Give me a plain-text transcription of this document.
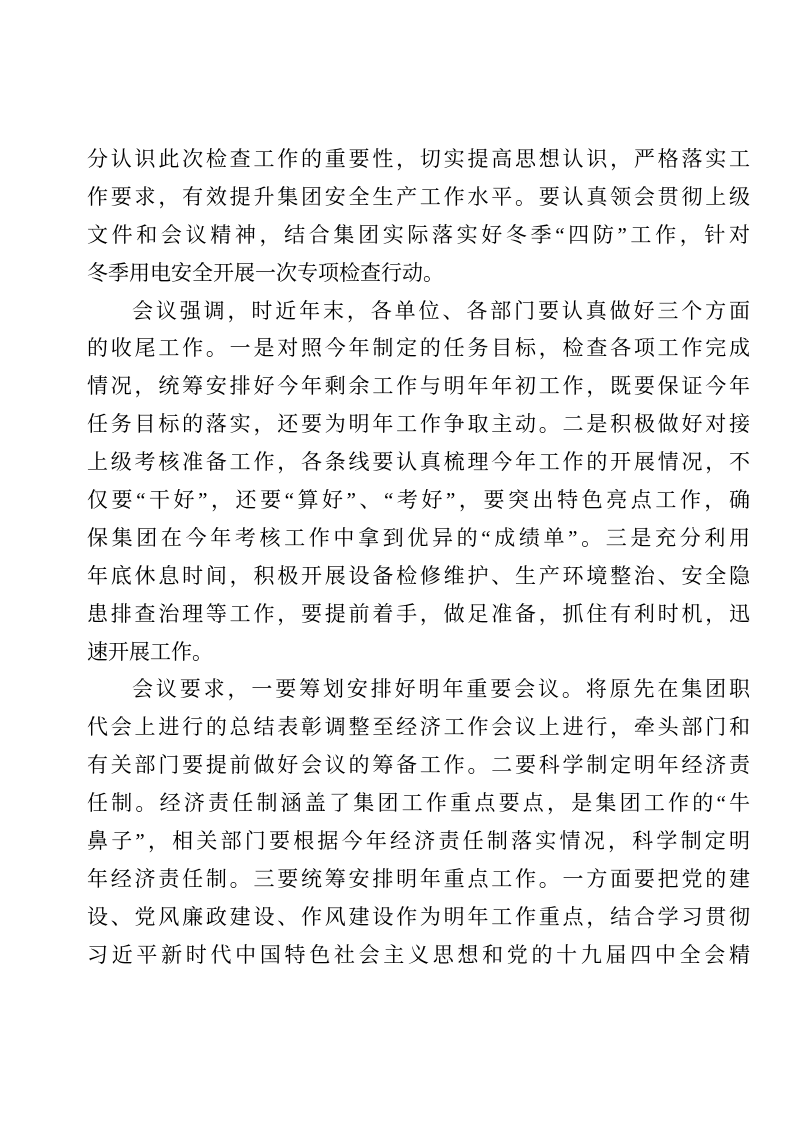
分认识此次检查工作的重要性，切实提高思想认识，严格落实工
作要求，有效提升集团安全生产工作水平。要认真领会贯彻上级
文件和会议精神，结合集团实际落实好冬季“四防”工作，针对
冬季用电安全开展一次专项检查行动。
会议强调，时近年末，各单位、各部门要认真做好三个方面
的收尾工作。一是对照今年制定的任务目标，检查各项工作完成
情况，统筹安排好今年剩余工作与明年年初工作，既要保证今年
任务目标的落实，还要为明年工作争取主动。二是积极做好对接
上级考核准备工作，各条线要认真梳理今年工作的开展情况，不
仅要“干好”，还要“算好”、“考好”，要突出特色亮点工作，确
保集团在今年考核工作中拿到优异的“成绩单”。三是充分利用
年底休息时间，积极开展设备检修维护、生产环境整治、安全隐
患排查治理等工作，要提前着手，做足准备，抓住有利时机，迅
速开展工作。
会议要求，一要筹划安排好明年重要会议。将原先在集团职
代会上进行的总结表彰调整至经济工作会议上进行，牵头部门和
有关部门要提前做好会议的筹备工作。二要科学制定明年经济责
任制。经济责任制涵盖了集团工作重点要点，是集团工作的“牛
鼻子”，相关部门要根据今年经济责任制落实情况，科学制定明
年经济责任制。三要统筹安排明年重点工作。一方面要把党的建
设、党风廉政建设、作风建设作为明年工作重点，结合学习贯彻
习近平新时代中国特色社会主义思想和党的十九届四中全会精
